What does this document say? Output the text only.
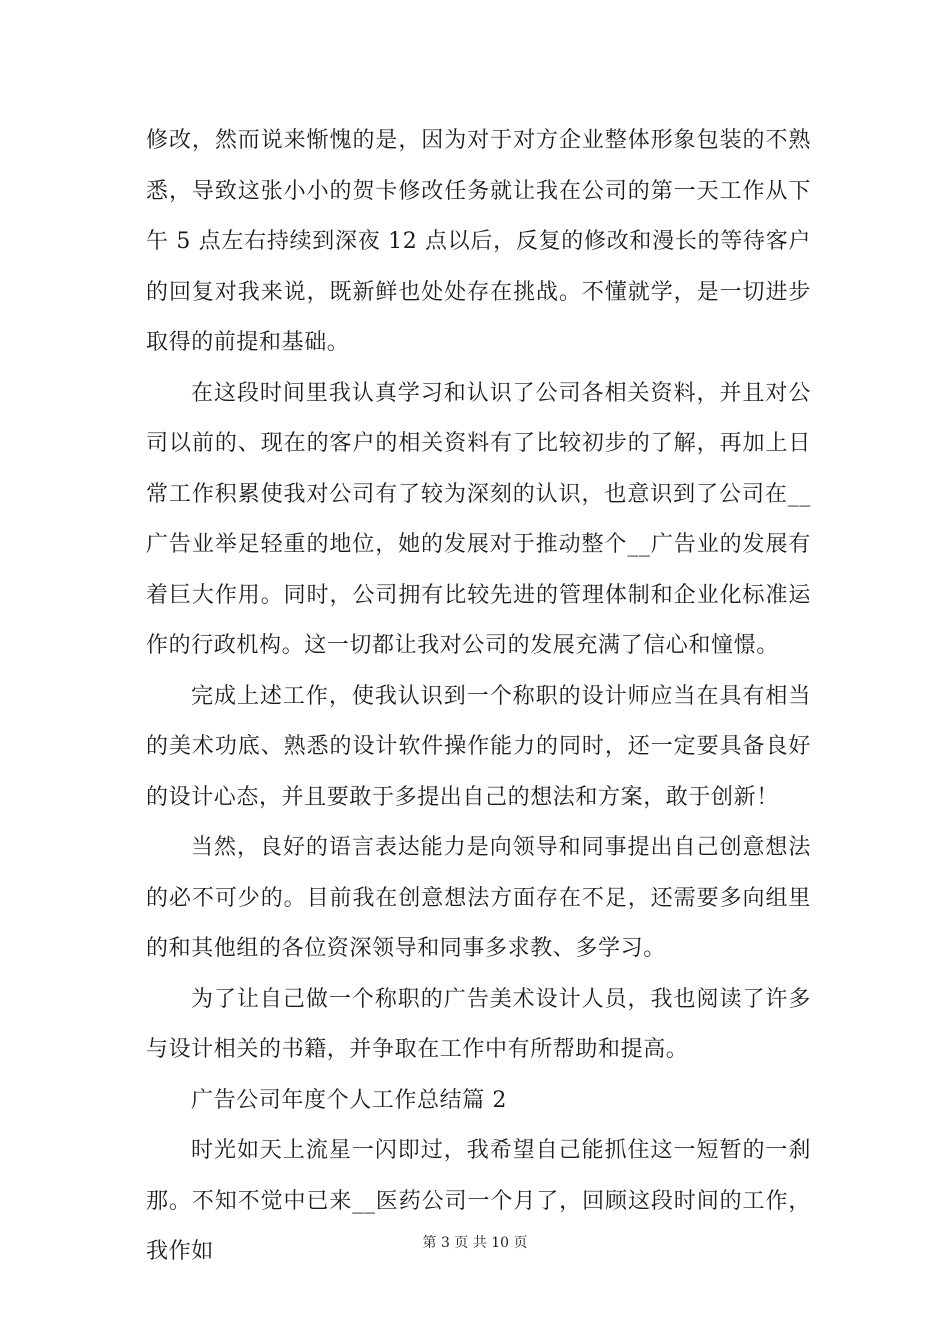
修改，然而说来惭愧的是，因为对于对方企业整体形象包装的不熟悉，导致这张小小的贺卡修改任务就让我在公司的第一天工作从下午 5 点左右持续到深夜 12 点以后，反复的修改和漫长的等待客户的回复对我来说，既新鲜也处处存在挑战。不懂就学，是一切进步取得的前提和基础。

在这段时间里我认真学习和认识了公司各相关资料，并且对公司以前的、现在的客户的相关资料有了比较初步的了解，再加上日常工作积累使我对公司有了较为深刻的认识，也意识到了公司在__广告业举足轻重的地位，她的发展对于推动整个__广告业的发展有着巨大作用。同时，公司拥有比较先进的管理体制和企业化标准运作的行政机构。这一切都让我对公司的发展充满了信心和憧憬。

完成上述工作，使我认识到一个称职的设计师应当在具有相当的美术功底、熟悉的设计软件操作能力的同时，还一定要具备良好的设计心态，并且要敢于多提出自己的想法和方案，敢于创新！

当然，良好的语言表达能力是向领导和同事提出自己创意想法的必不可少的。目前我在创意想法方面存在不足，还需要多向组里的和其他组的各位资深领导和同事多求教、多学习。

为了让自己做一个称职的广告美术设计人员，我也阅读了许多与设计相关的书籍，并争取在工作中有所帮助和提高。

广告公司年度个人工作总结篇 2

时光如天上流星一闪即过，我希望自己能抓住这一短暂的一刹那。不知不觉中已来__医药公司一个月了，回顾这段时间的工作，我作如	第 3 页 共 10 页
